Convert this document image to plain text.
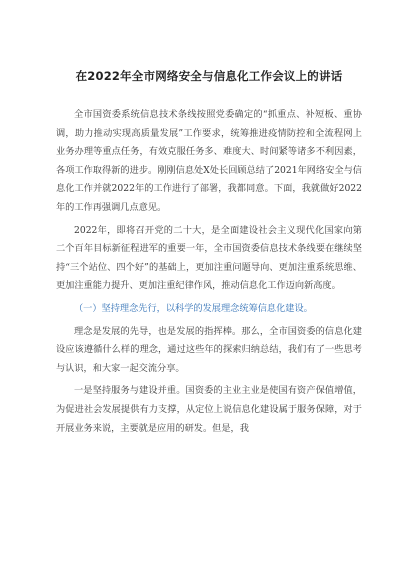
在2022年全市网络安全与信息化工作会议上的讲话

全市国资委系统信息技术条线按照党委确定的“抓重点、补短板、重协调，助力推动实现高质量发展”工作要求，统筹推进疫情防控和全流程网上业务办理等重点任务，有效克服任务多、难度大、时间紧等诸多不利因素，各项工作取得新的进步。刚刚信息处X处长回顾总结了2021年网络安全与信息化工作并就2022年的工作进行了部署，我都同意。下面，我就做好2022年的工作再强调几点意见。

2022年，即将召开党的二十大，是全面建设社会主义现代化国家向第二个百年目标新征程进军的重要一年，全市国资委信息技术条线要在继续坚持“三个站位、四个好”的基础上，更加注重问题导向、更加注重系统思维、更加注重能力提升、更加注重纪律作风，推动信息化工作迈向新高度。

（一）坚持理念先行，以科学的发展理念统筹信息化建设。

理念是发展的先导，也是发展的指挥棒。那么，全市国资委的信息化建设应该遵循什么样的理念，通过这些年的探索归纳总结，我们有了一些思考与认识，和大家一起交流分享。

一是坚持服务与建设并重。国资委的主业主业是使国有资产保值增值，为促进社会发展提供有力支撑，从定位上说信息化建设属于服务保障，对于开展业务来说，主要就是应用的研发。但是，我
